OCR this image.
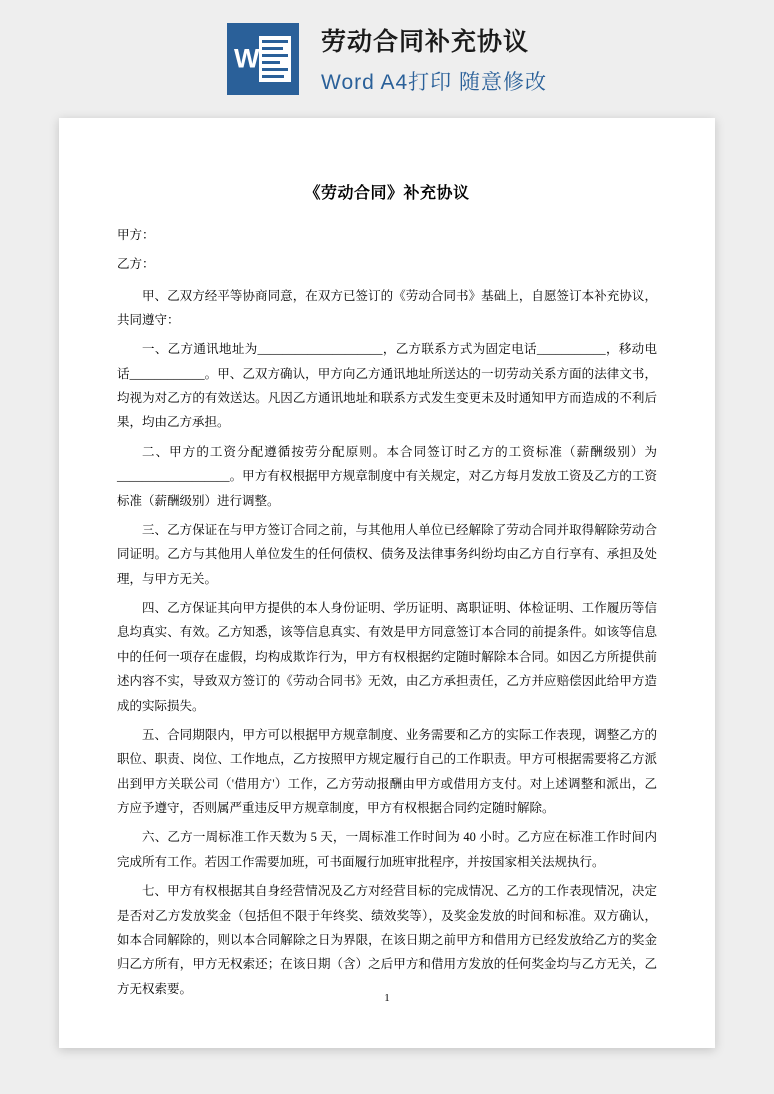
W
劳动合同补充协议
Word A4打印 随意修改
《劳动合同》补充协议
甲方：
乙方：

甲、乙双方经平等协商同意，在双方已签订的《劳动合同书》基础上，自愿签订本补充协议，共同遵守：

一、乙方通讯地址为____________________，乙方联系方式为固定电话___________，移动电话____________。甲、乙双方确认，甲方向乙方通讯地址所送达的一切劳动关系方面的法律文书，均视为对乙方的有效送达。凡因乙方通讯地址和联系方式发生变更未及时通知甲方而造成的不利后果，均由乙方承担。

二、甲方的工资分配遵循按劳分配原则。本合同签订时乙方的工资标准（薪酬级别）为__________________。甲方有权根据甲方规章制度中有关规定，对乙方每月发放工资及乙方的工资标准（薪酬级别）进行调整。

三、乙方保证在与甲方签订合同之前，与其他用人单位已经解除了劳动合同并取得解除劳动合同证明。乙方与其他用人单位发生的任何债权、债务及法律事务纠纷均由乙方自行享有、承担及处理，与甲方无关。

四、乙方保证其向甲方提供的本人身份证明、学历证明、离职证明、体检证明、工作履历等信息均真实、有效。乙方知悉，该等信息真实、有效是甲方同意签订本合同的前提条件。如该等信息中的任何一项存在虚假，均构成欺诈行为，甲方有权根据约定随时解除本合同。如因乙方所提供前述内容不实，导致双方签订的《劳动合同书》无效，由乙方承担责任，乙方并应赔偿因此给甲方造成的实际损失。

五、合同期限内，甲方可以根据甲方规章制度、业务需要和乙方的实际工作表现，调整乙方的职位、职责、岗位、工作地点，乙方按照甲方规定履行自己的工作职责。甲方可根据需要将乙方派出到甲方关联公司（'借用方'）工作，乙方劳动报酬由甲方或借用方支付。对上述调整和派出，乙方应予遵守，否则属严重违反甲方规章制度，甲方有权根据合同约定随时解除。

六、乙方一周标准工作天数为 5 天，一周标准工作时间为 40 小时。乙方应在标准工作时间内完成所有工作。若因工作需要加班，可书面履行加班审批程序，并按国家相关法规执行。

七、甲方有权根据其自身经营情况及乙方对经营目标的完成情况、乙方的工作表现情况，决定是否对乙方发放奖金（包括但不限于年终奖、绩效奖等），及奖金发放的时间和标准。双方确认，如本合同解除的，则以本合同解除之日为界限，在该日期之前甲方和借用方已经发放给乙方的奖金归乙方所有，甲方无权索还；在该日期（含）之后甲方和借用方发放的任何奖金均与乙方无关，乙方无权索要。

1
